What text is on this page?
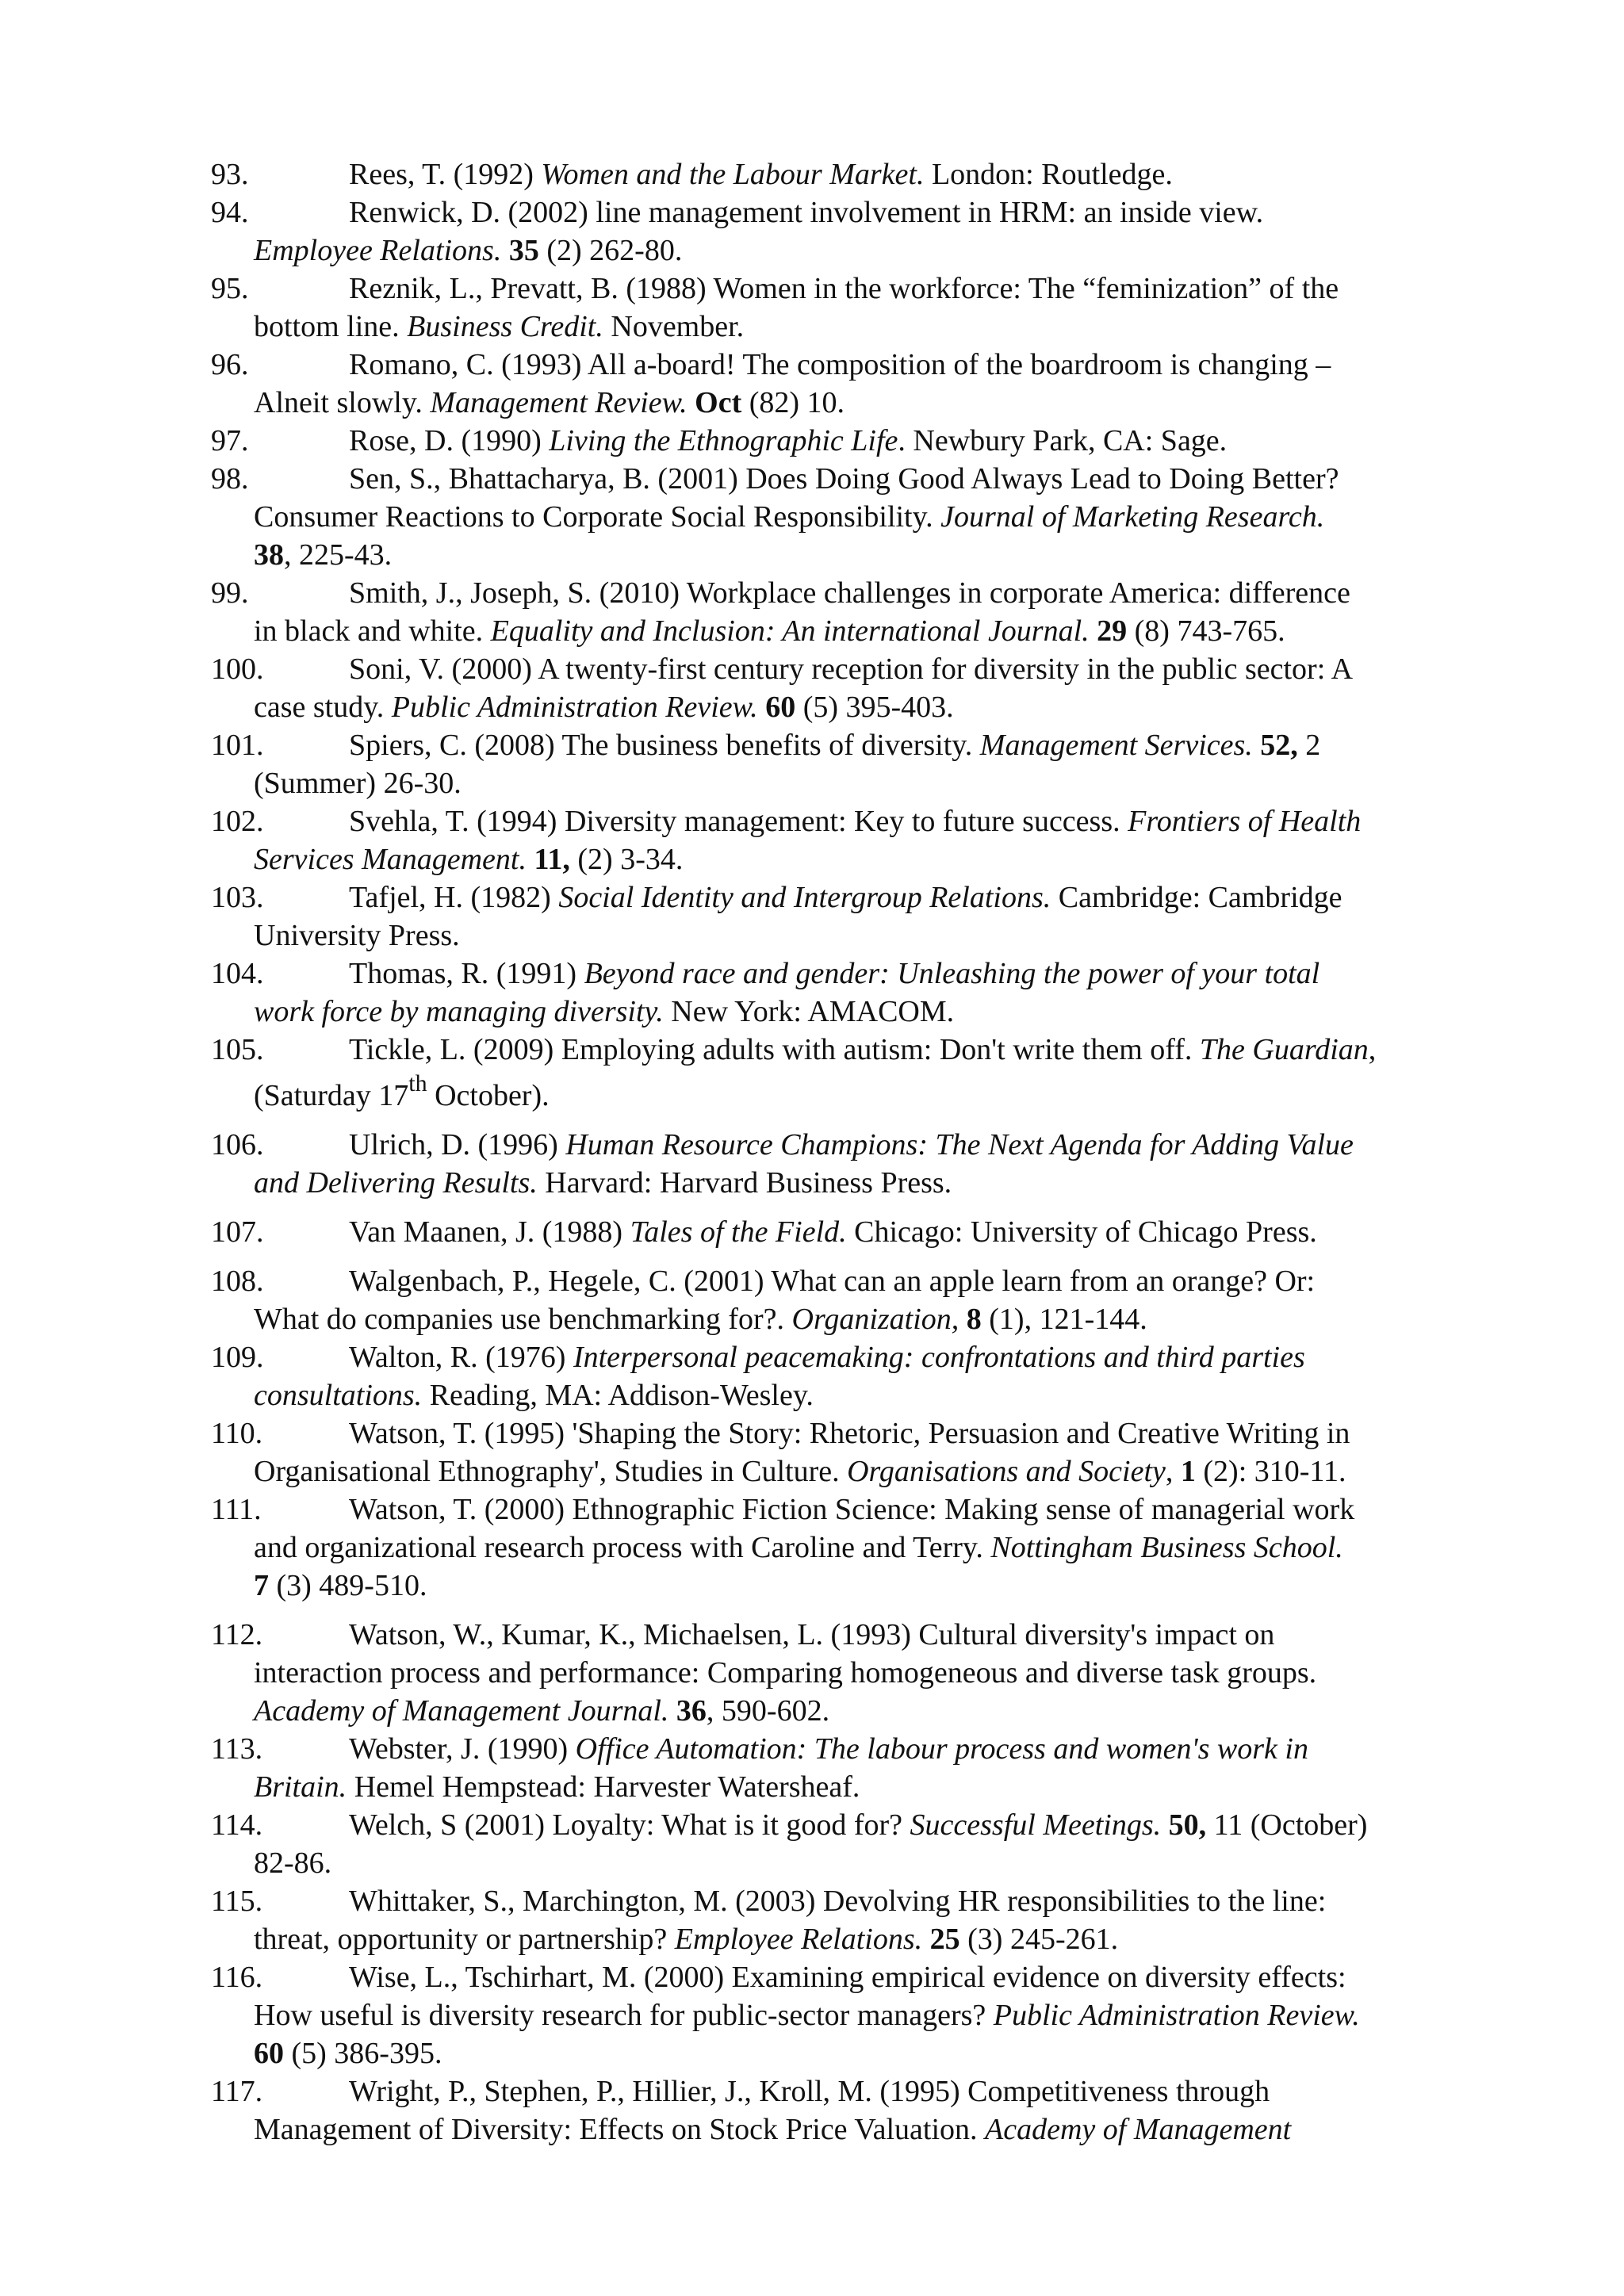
93.	Rees, T. (1992) Women and the Labour Market. London: Routledge.
94.	Renwick, D. (2002) line management involvement in HRM: an inside view.
Employee Relations. 35 (2) 262-80.
95.	Reznik, L., Prevatt, B. (1988) Women in the workforce: The “feminization” of the
bottom line. Business Credit. November.
96.	Romano, C. (1993) All a-board! The composition of the boardroom is changing –
Alneit slowly. Management Review. Oct (82) 10.
97.	Rose, D. (1990) Living the Ethnographic Life. Newbury Park, CA: Sage.
98.	Sen, S., Bhattacharya, B. (2001) Does Doing Good Always Lead to Doing Better?
Consumer Reactions to Corporate Social Responsibility. Journal of Marketing Research.
38, 225-43.
99.	Smith, J., Joseph, S. (2010) Workplace challenges in corporate America: difference
in black and white. Equality and Inclusion: An international Journal. 29 (8) 743-765.
100.	Soni, V. (2000) A twenty-first century reception for diversity in the public sector: A
case study. Public Administration Review. 60 (5) 395-403.
101.	Spiers, C. (2008) The business benefits of diversity. Management Services. 52, 2
(Summer) 26-30.
102.	Svehla, T. (1994) Diversity management: Key to future success. Frontiers of Health
Services Management. 11, (2) 3-34.
103.	Tafjel, H. (1982) Social Identity and Intergroup Relations. Cambridge: Cambridge
University Press.
104.	Thomas, R. (1991) Beyond race and gender: Unleashing the power of your total
work force by managing diversity. New York: AMACOM.
105.	Tickle, L. (2009) Employing adults with autism: Don't write them off. The Guardian,
(Saturday 17th October).
106.	Ulrich, D. (1996) Human Resource Champions: The Next Agenda for Adding Value
and Delivering Results. Harvard: Harvard Business Press.
107.	Van Maanen, J. (1988) Tales of the Field. Chicago: University of Chicago Press.
108.	Walgenbach, P., Hegele, C. (2001) What can an apple learn from an orange? Or:
What do companies use benchmarking for?. Organization, 8 (1), 121-144.
109.	Walton, R. (1976) Interpersonal peacemaking: confrontations and third parties
consultations. Reading, MA: Addison-Wesley.
110.	Watson, T. (1995) 'Shaping the Story: Rhetoric, Persuasion and Creative Writing in
Organisational Ethnography', Studies in Culture. Organisations and Society, 1 (2): 310-11.
111.	Watson, T. (2000) Ethnographic Fiction Science: Making sense of managerial work
and organizational research process with Caroline and Terry. Nottingham Business School.
7 (3) 489-510.
112.	Watson, W., Kumar, K., Michaelsen, L. (1993) Cultural diversity's impact on
interaction process and performance: Comparing homogeneous and diverse task groups.
Academy of Management Journal. 36, 590-602.
113.	Webster, J. (1990) Office Automation: The labour process and women's work in
Britain. Hemel Hempstead: Harvester Watersheaf.
114.	Welch, S (2001) Loyalty: What is it good for? Successful Meetings. 50, 11 (October)
82-86.
115.	Whittaker, S., Marchington, M. (2003) Devolving HR responsibilities to the line:
threat, opportunity or partnership? Employee Relations. 25 (3) 245-261.
116.	Wise, L., Tschirhart, M. (2000) Examining empirical evidence on diversity effects:
How useful is diversity research for public-sector managers? Public Administration Review.
60 (5) 386-395.
117.	Wright, P., Stephen, P., Hillier, J., Kroll, M. (1995) Competitiveness through
Management of Diversity: Effects on Stock Price Valuation. Academy of Management
